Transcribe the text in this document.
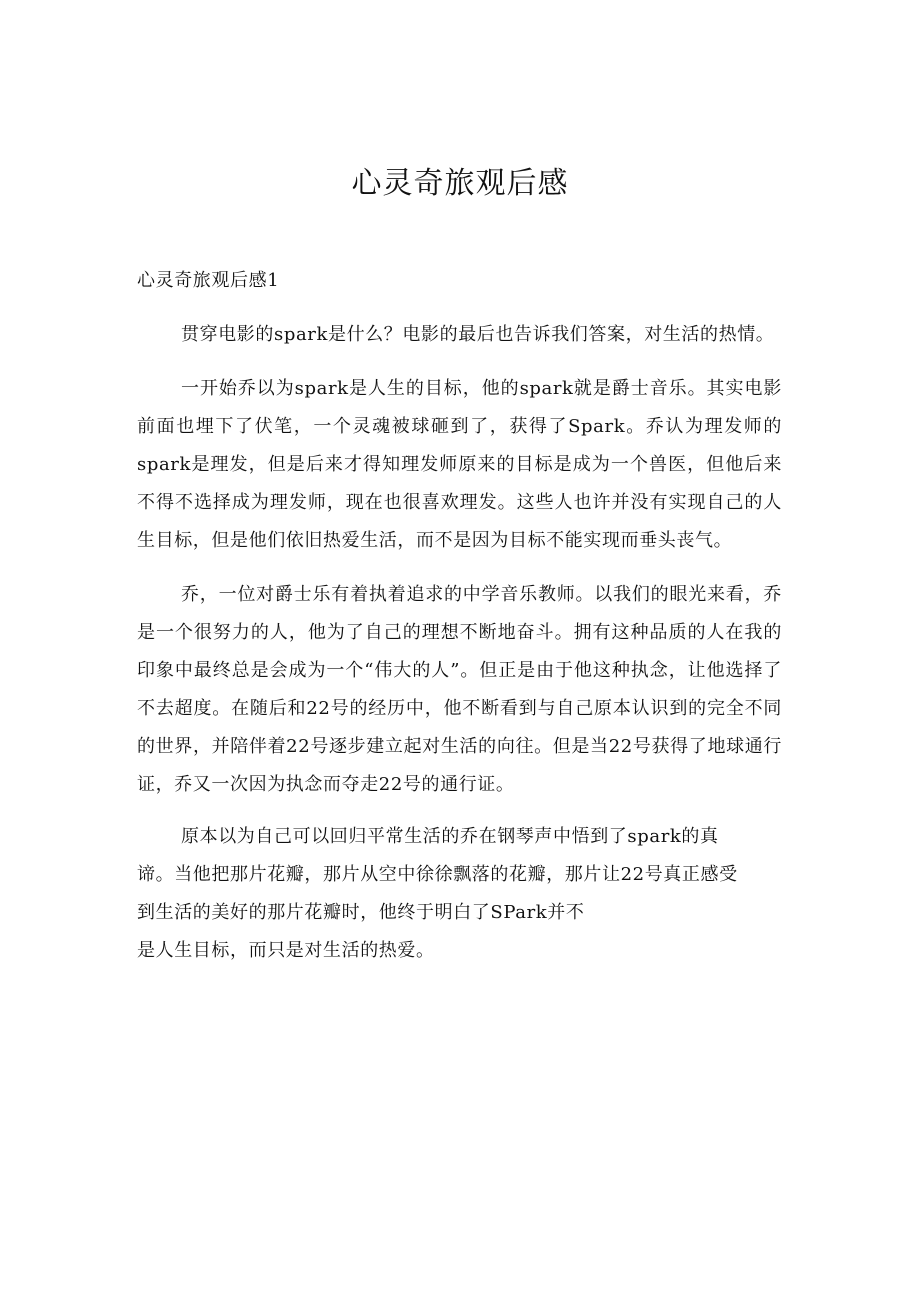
心灵奇旅观后感
心灵奇旅观后感1

贯穿电影的spark是什么？电影的最后也告诉我们答案，对生活的热情。

一开始乔以为spark是人生的目标，他的spark就是爵士音乐。其实电影前面也埋下了伏笔，一个灵魂被球砸到了，获得了Spark。乔认为理发师的spark是理发，但是后来才得知理发师原来的目标是成为一个兽医，但他后来不得不选择成为理发师，现在也很喜欢理发。这些人也许并没有实现自己的人生目标，但是他们依旧热爱生活，而不是因为目标不能实现而垂头丧气。

乔，一位对爵士乐有着执着追求的中学音乐教师。以我们的眼光来看，乔是一个很努力的人，他为了自己的理想不断地奋斗。拥有这种品质的人在我的印象中最终总是会成为一个“伟大的人”。但正是由于他这种执念，让他选择了不去超度。在随后和22号的经历中，他不断看到与自己原本认识到的完全不同的世界，并陪伴着22号逐步建立起对生活的向往。但是当22号获得了地球通行证，乔又一次因为执念而夺走22号的通行证。

原本以为自己可以回归平常生活的乔在钢琴声中悟到了spark的真

谛。当他把那片花瓣，那片从空中徐徐飘落的花瓣，那片让22号真正感受

到生活的美好的那片花瓣时，他终于明白了SPark并不

是人生目标，而只是对生活的热爱。
